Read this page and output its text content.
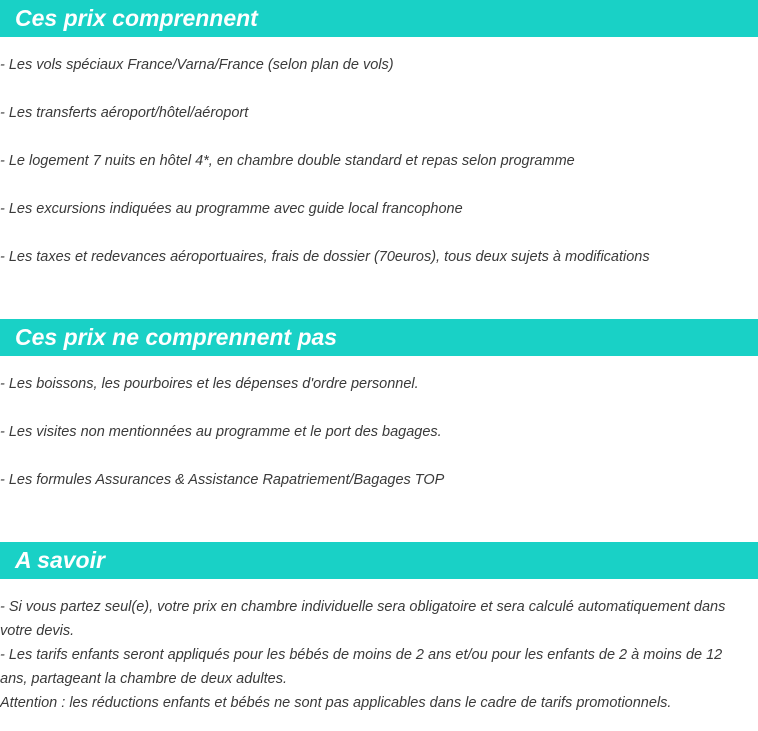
Ces prix comprennent

- Les vols spéciaux France/Varna/France (selon plan de vols)

- Les transferts aéroport/hôtel/aéroport

- Le logement 7 nuits en hôtel 4*, en chambre double standard et repas selon programme

- Les excursions indiquées au programme avec guide local francophone

- Les taxes et redevances aéroportuaires, frais de dossier (70euros), tous deux sujets à modifications

Ces prix ne comprennent pas

- Les boissons, les pourboires et les dépenses d'ordre personnel.

- Les visites non mentionnées au programme et le port des bagages.

- Les formules Assurances & Assistance Rapatriement/Bagages TOP

A savoir
- Si vous partez seul(e), votre prix en chambre individuelle sera obligatoire et sera calculé automatiquement dans votre devis.
- Les tarifs enfants seront appliqués pour les bébés de moins de 2 ans et/ou pour les enfants de 2 à moins de 12 ans, partageant la chambre de deux adultes.
Attention : les réductions enfants et bébés ne sont pas applicables dans le cadre de tarifs promotionnels.
